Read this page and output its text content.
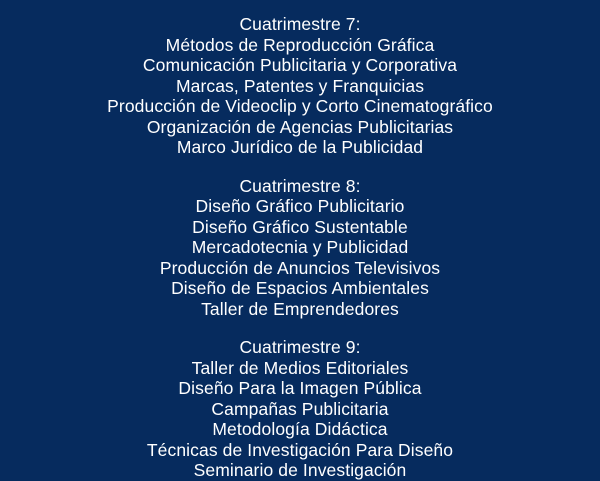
Cuatrimestre 7:
Métodos de Reproducción Gráfica
Comunicación Publicitaria y Corporativa
Marcas, Patentes y Franquicias
Producción de Videoclip y Corto Cinematográfico
Organización de Agencias Publicitarias
Marco Jurídico de la Publicidad
Cuatrimestre 8:
Diseño Gráfico Publicitario
Diseño Gráfico Sustentable
Mercadotecnia y Publicidad
Producción de Anuncios Televisivos
Diseño de Espacios Ambientales
Taller de Emprendedores
Cuatrimestre 9:
Taller de Medios Editoriales
Diseño Para la Imagen Pública
Campañas Publicitaria
Metodología Didáctica
Técnicas de Investigación Para Diseño
Seminario de Investigación
